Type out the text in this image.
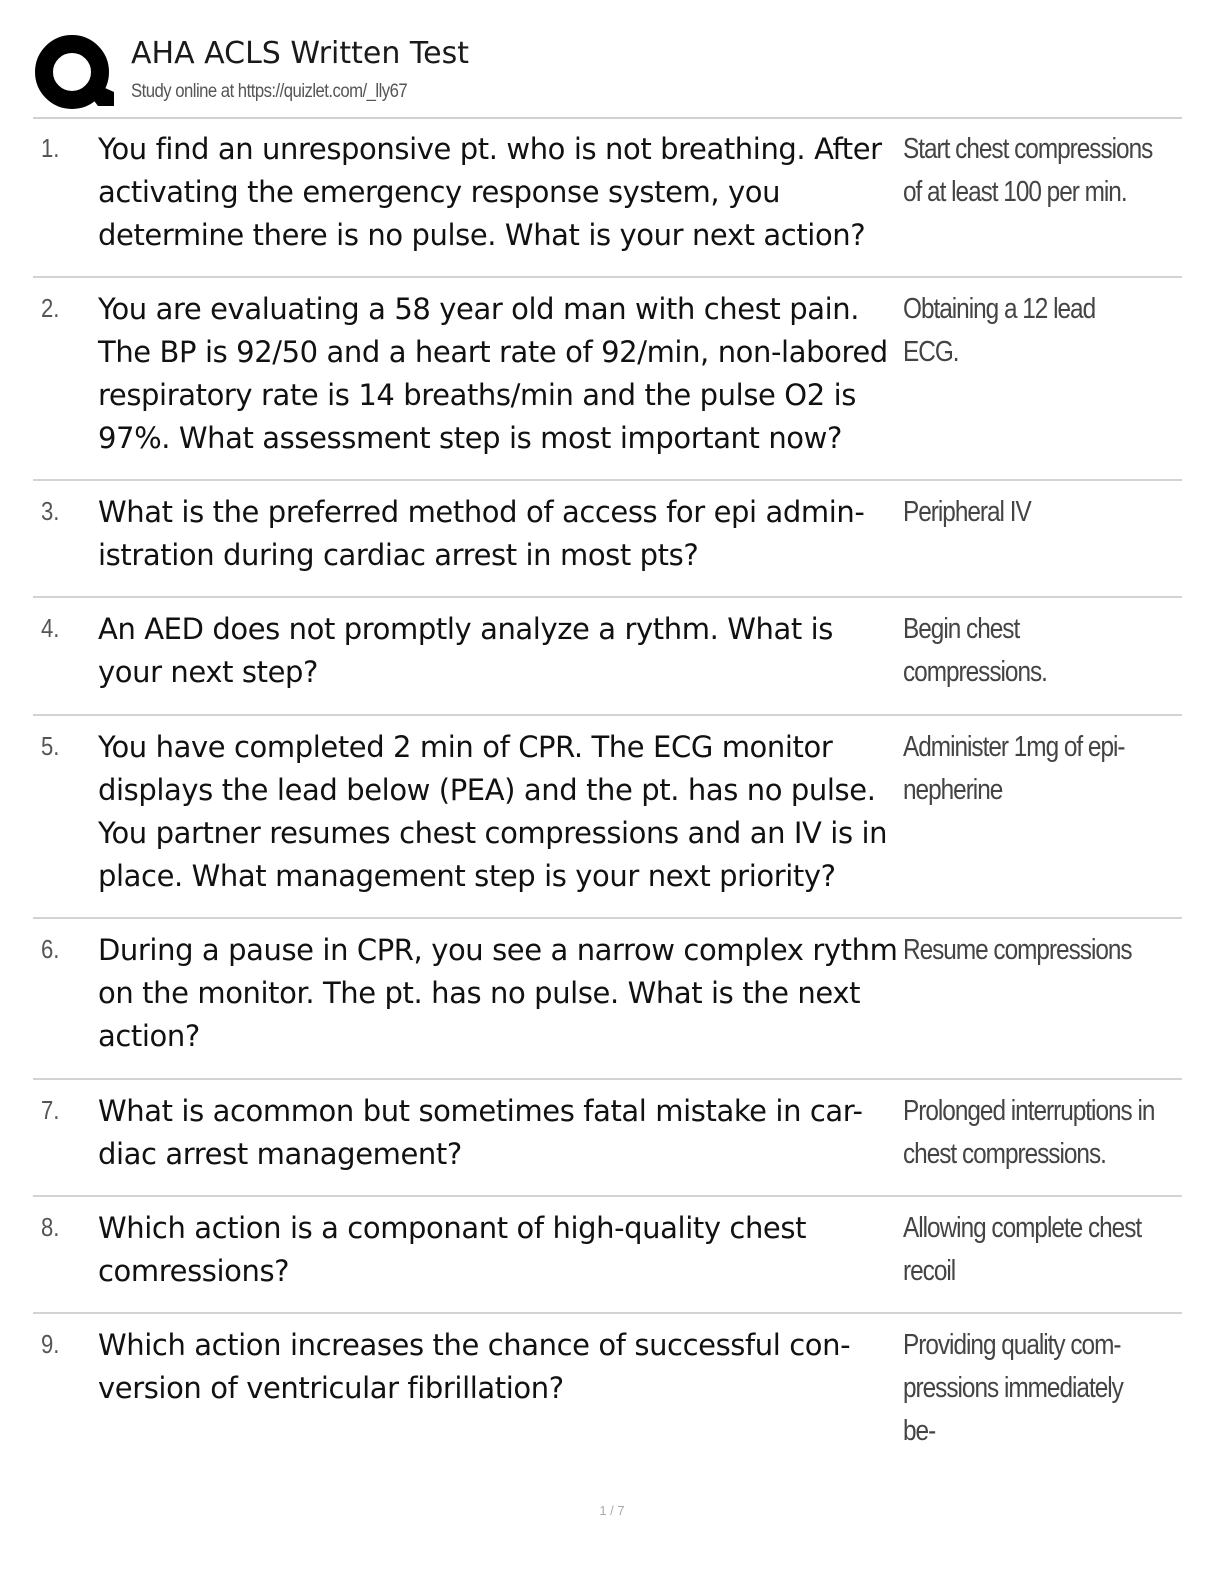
AHA ACLS Written Test
Study online at https://quizlet.com/_lly67
1. You find an unresponsive pt. who is not breathing. After activating the emergency response system, you determine there is no pulse. What is your next action?
Start chest compressions of at least 100 per min.
2. You are evaluating a 58 year old man with chest pain. The BP is 92/50 and a heart rate of 92/min, non-labored respiratory rate is 14 breaths/min and the pulse O2 is 97%. What assessment step is most important now?
Obtaining a 12 lead ECG.
3. What is the preferred method of access for epi admin-istration during cardiac arrest in most pts?
Peripheral IV
4. An AED does not promptly analyze a rythm. What is your next step?
Begin chest compressions.
5. You have completed 2 min of CPR. The ECG monitor displays the lead below (PEA) and the pt. has no pulse. You partner resumes chest compressions and an IV is in place. What management step is your next priority?
Administer 1mg of epi-nepherine
6. During a pause in CPR, you see a narrow complex rythm on the monitor. The pt. has no pulse. What is the next action?
Resume compressions
7. What is acommon but sometimes fatal mistake in car-diac arrest management?
Prolonged interruptions in chest compressions.
8. Which action is a componant of high-quality chest comressions?
Allowing complete chest recoil
9. Which action increases the chance of successful con-version of ventricular fibrillation?
Providing quality com-pressions immediately be-
1 / 7
